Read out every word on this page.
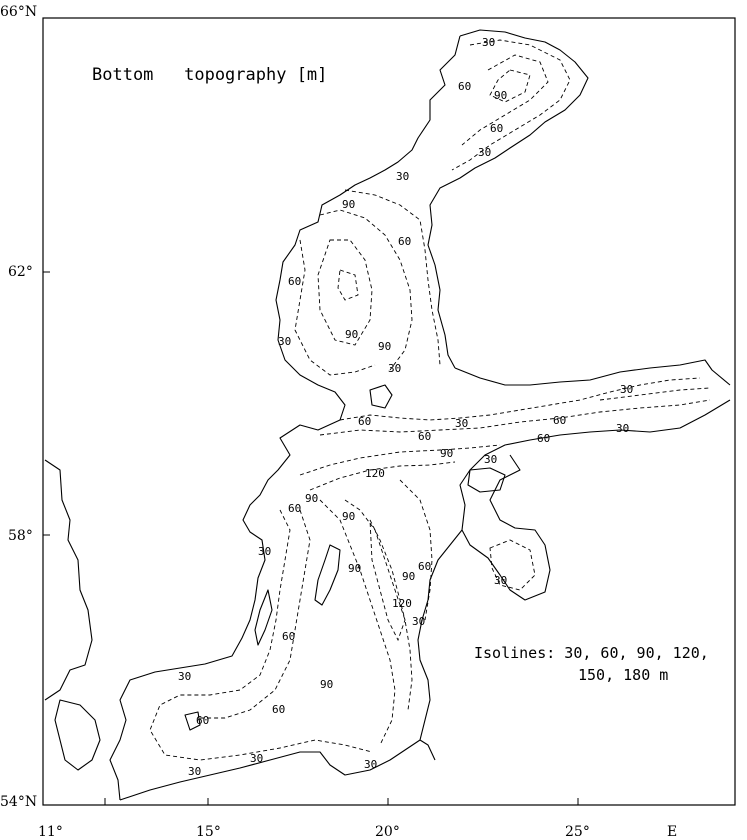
66°N
62°
58°
54°N
11°	15°	20°	25°	E
30
60
90
60
30
30
90
60
60
90
90
30
30
60
60
30
30
60
90
120
30
60
90
90
30
60
90
30
120
90
60
30
60
90
60
30
30
60
30
30	30
Bottom   topography [m]
Isolines: 30, 60, 90, 120,
150, 180 m
